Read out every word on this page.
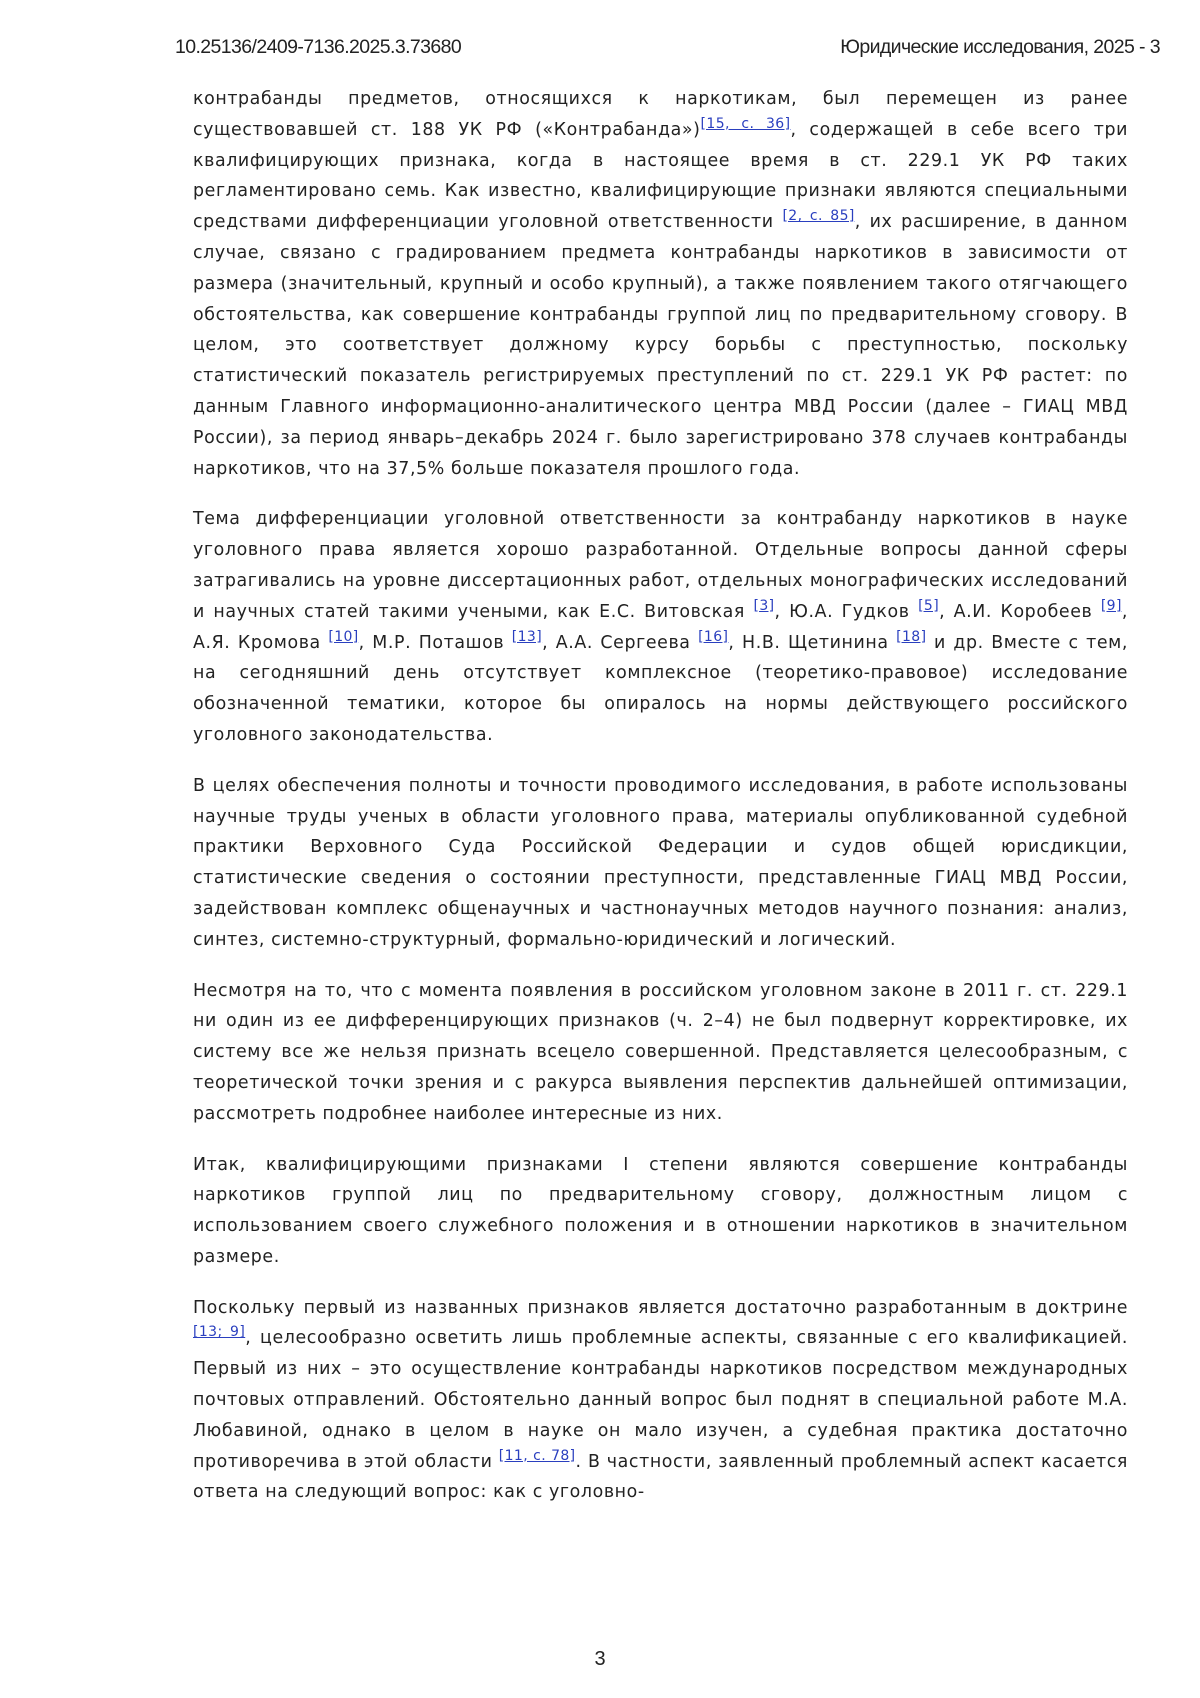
10.25136/2409-7136.2025.3.73680	Юридические исследования, 2025 - 3

контрабанды предметов, относящихся к наркотикам, был перемещен из ранее существовавшей ст. 188 УК РФ («Контрабанда»)[15, с. 36], содержащей в себе всего три квалифицирующих признака, когда в настоящее время в ст. 229.1 УК РФ таких регламентировано семь. Как известно, квалифицирующие признаки являются специальными средствами дифференциации уголовной ответственности [2, с. 85], их расширение, в данном случае, связано с градированием предмета контрабанды наркотиков в зависимости от размера (значительный, крупный и особо крупный), а также появлением такого отягчающего обстоятельства, как совершение контрабанды группой лиц по предварительному сговору. В целом, это соответствует должному курсу борьбы с преступностью, поскольку статистический показатель регистрируемых преступлений по ст. 229.1 УК РФ растет: по данным Главного информационно-аналитического центра МВД России (далее – ГИАЦ МВД России), за период январь–декабрь 2024 г. было зарегистрировано 378 случаев контрабанды наркотиков, что на 37,5% больше показателя прошлого года.

Тема дифференциации уголовной ответственности за контрабанду наркотиков в науке уголовного права является хорошо разработанной. Отдельные вопросы данной сферы затрагивались на уровне диссертационных работ, отдельных монографических исследований и научных статей такими учеными, как Е.С. Витовская [3], Ю.А. Гудков [5], А.И. Коробеев [9], А.Я. Кромова [10], М.Р. Поташов [13], А.А. Сергеева [16], Н.В. Щетинина [18] и др. Вместе с тем, на сегодняшний день отсутствует комплексное (теоретико-правовое) исследование обозначенной тематики, которое бы опиралось на нормы действующего российского уголовного законодательства.

В целях обеспечения полноты и точности проводимого исследования, в работе использованы научные труды ученых в области уголовного права, материалы опубликованной судебной практики Верховного Суда Российской Федерации и судов общей юрисдикции, статистические сведения о состоянии преступности, представленные ГИАЦ МВД России, задействован комплекс общенаучных и частнонаучных методов научного познания: анализ, синтез, системно-структурный, формально-юридический и логический.

Несмотря на то, что с момента появления в российском уголовном законе в 2011 г. ст. 229.1 ни один из ее дифференцирующих признаков (ч. 2–4) не был подвернут корректировке, их систему все же нельзя признать всецело совершенной. Представляется целесообразным, с теоретической точки зрения и с ракурса выявления перспектив дальнейшей оптимизации, рассмотреть подробнее наиболее интересные из них.

Итак, квалифицирующими признаками I степени являются совершение контрабанды наркотиков группой лиц по предварительному сговору, должностным лицом с использованием своего служебного положения и в отношении наркотиков в значительном размере.

Поскольку первый из названных признаков является достаточно разработанным в доктрине [13; 9], целесообразно осветить лишь проблемные аспекты, связанные с его квалификацией. Первый из них – это осуществление контрабанды наркотиков посредством международных почтовых отправлений. Обстоятельно данный вопрос был поднят в специальной работе М.А. Любавиной, однако в целом в науке он мало изучен, а судебная практика достаточно противоречива в этой области [11, с. 78]. В частности, заявленный проблемный аспект касается ответа на следующий вопрос: как с уголовно-

3
